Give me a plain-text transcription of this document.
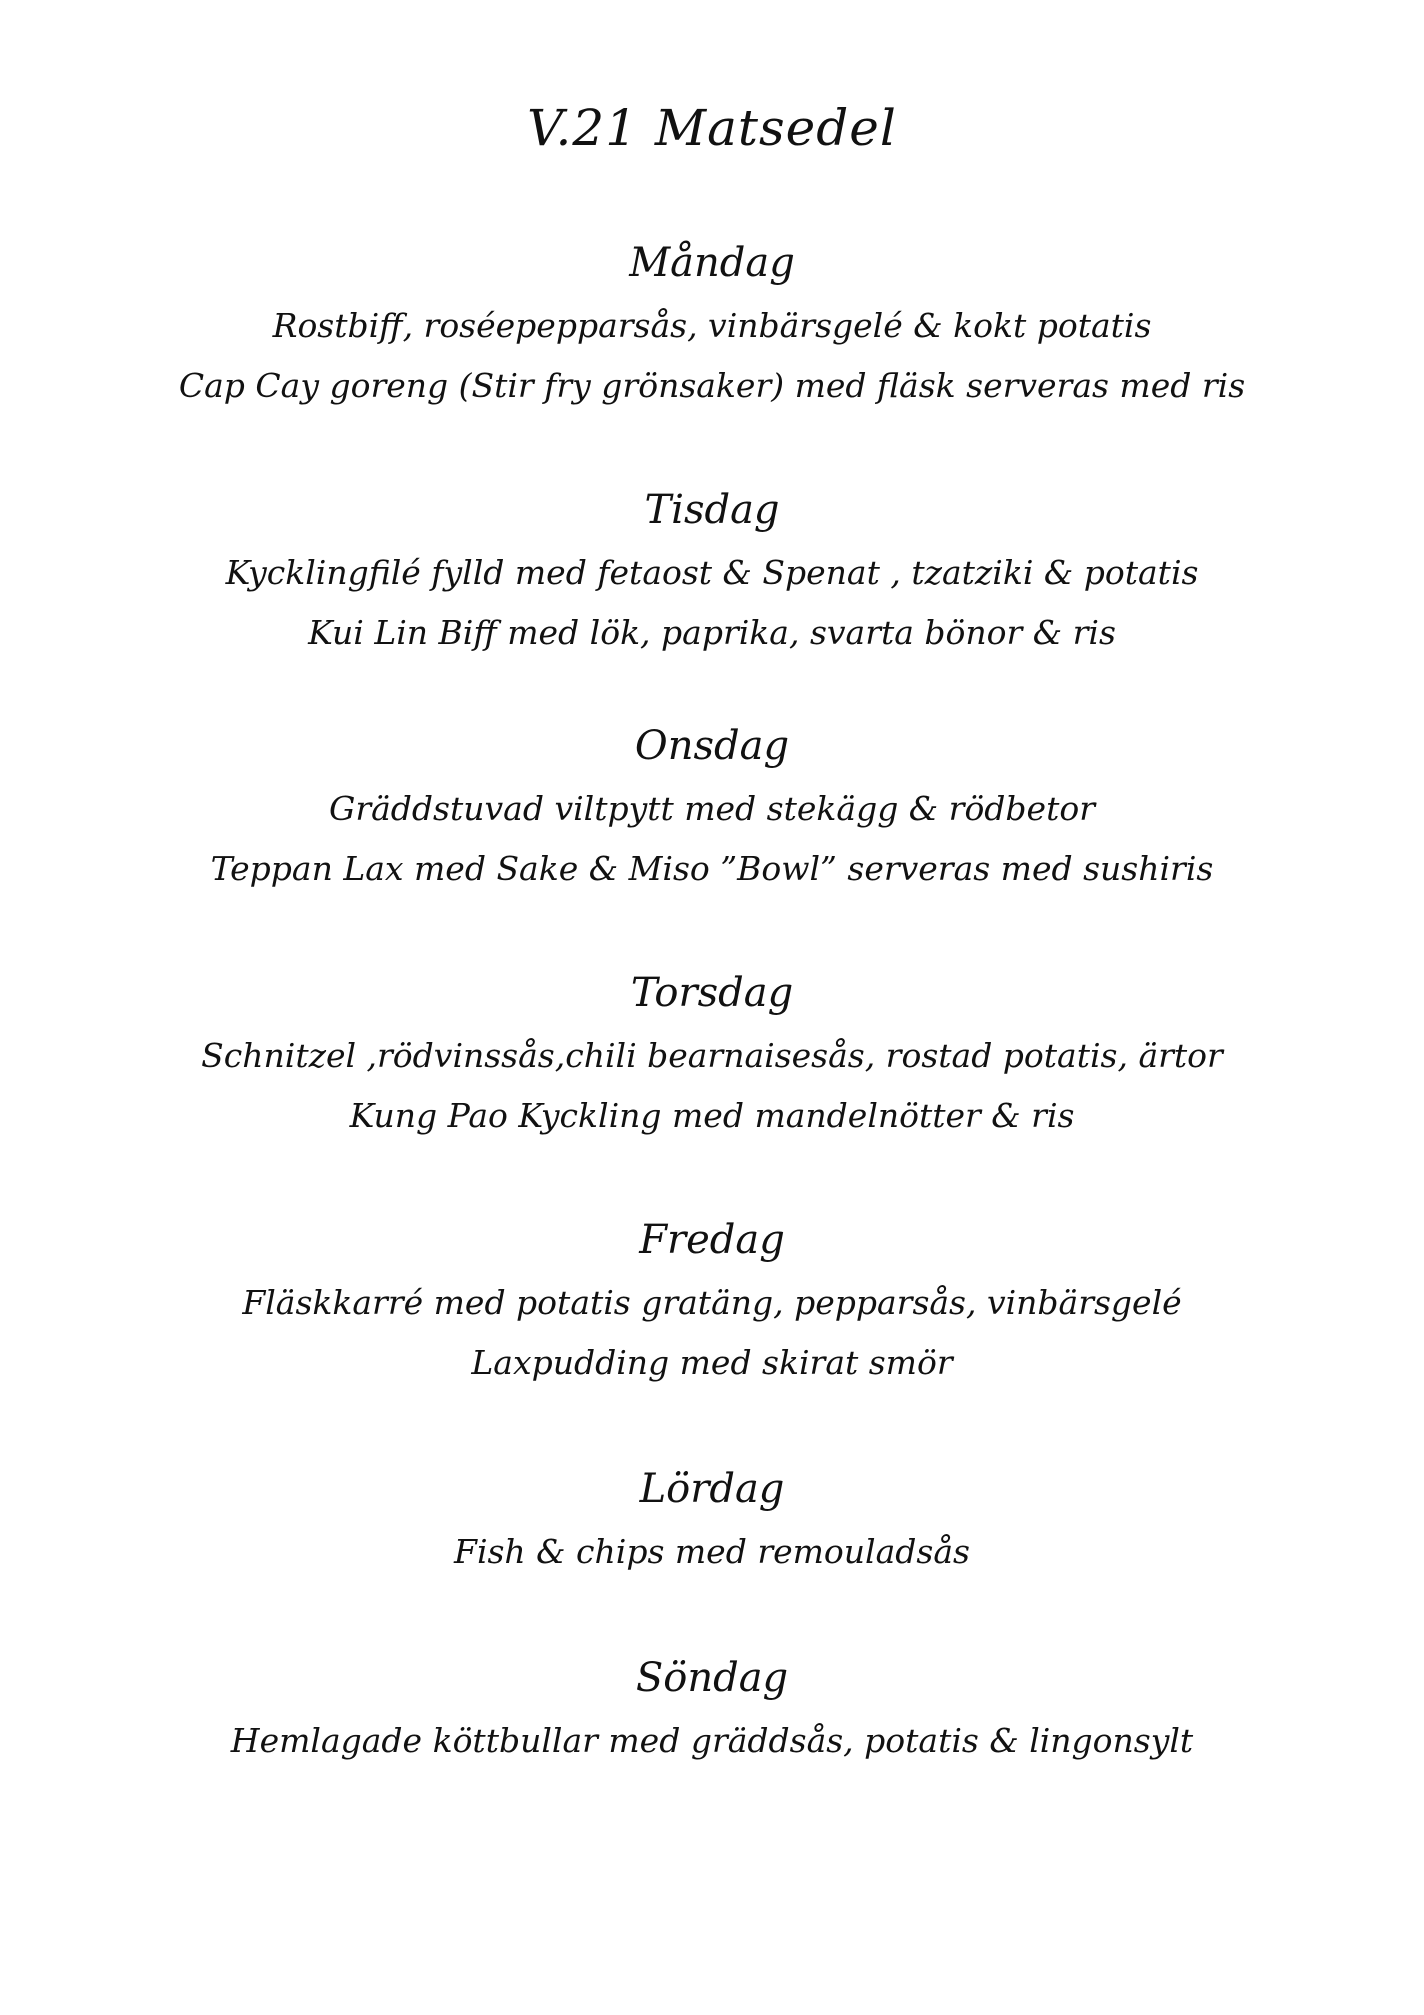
V.21 Matsedel
Måndag
Rostbiff, roséepepparsås, vinbärsgelé & kokt potatis
Cap Cay goreng (Stir fry grönsaker) med fläsk serveras med ris
Tisdag
Kycklingfilé fylld med fetaost & Spenat , tzatziki & potatis
Kui Lin Biff med lök, paprika, svarta bönor & ris
Onsdag
Gräddstuvad viltpytt med stekägg & rödbetor
Teppan Lax med Sake & Miso ”Bowl” serveras med sushiris
Torsdag
Schnitzel ,rödvinssås,chili bearnaisesås, rostad potatis, ärtor
Kung Pao Kyckling med mandelnötter & ris
Fredag
Fläskkarré med potatis gratäng, pepparsås, vinbärsgelé
Laxpudding med skirat smör
Lördag
Fish & chips med remouladsås
Söndag
Hemlagade köttbullar med gräddsås, potatis & lingonsylt
